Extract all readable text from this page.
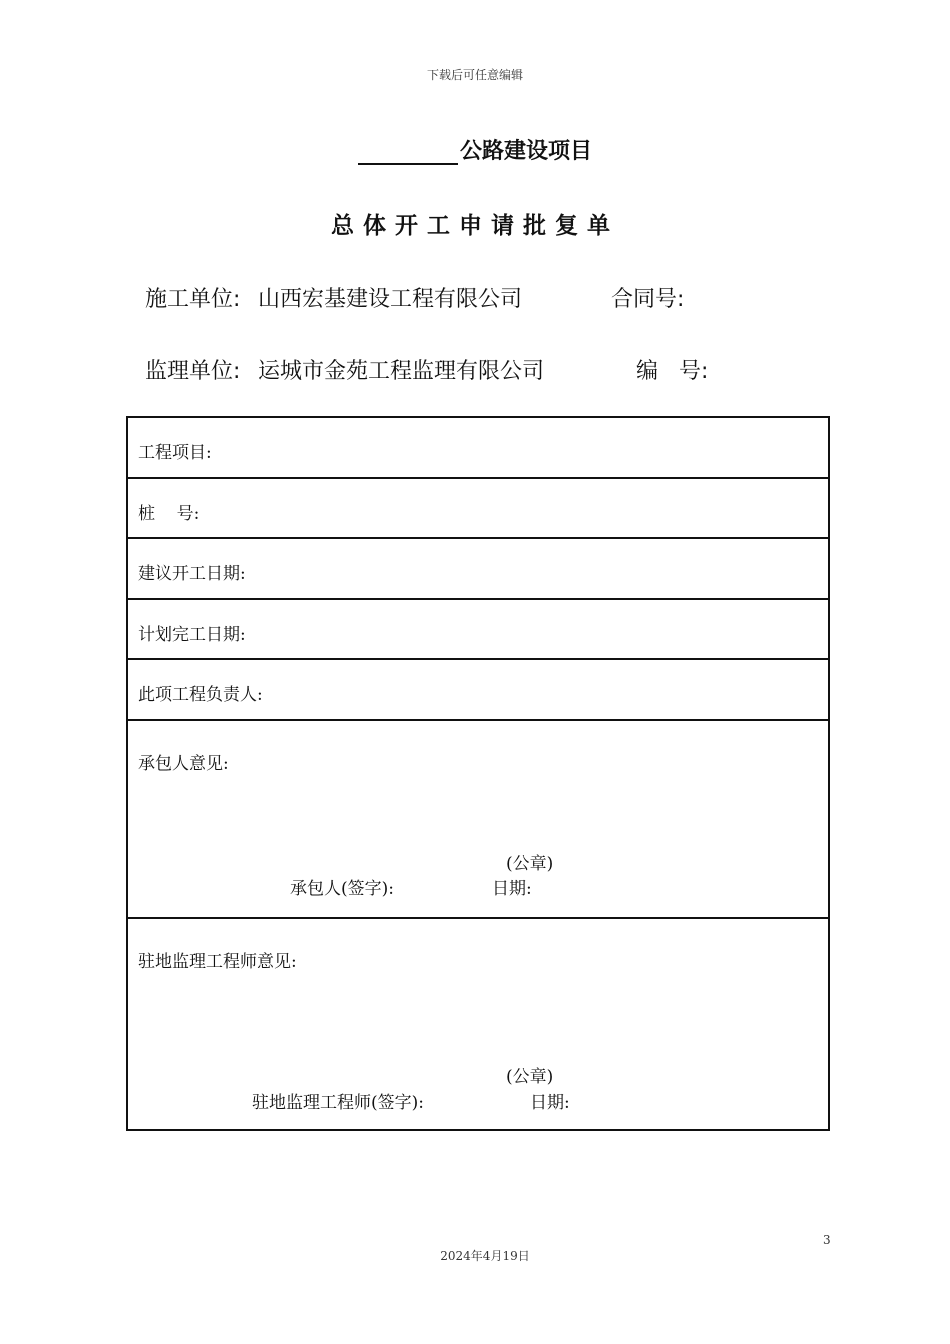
下载后可任意编辑
公路建设项目
总体开工申请批复单
施工单位: 山西宏基建设工程有限公司	合同号:
监理单位: 运城市金苑工程监理有限公司	编   号:
工程项目:
桩    号:
建议开工日期:
计划完工日期:
此项工程负责人:
承包人意见:
(公章)
承包人(签字):	日期:
驻地监理工程师意见:
(公章)
驻地监理工程师(签字):	日期:
3
2024年4月19日
